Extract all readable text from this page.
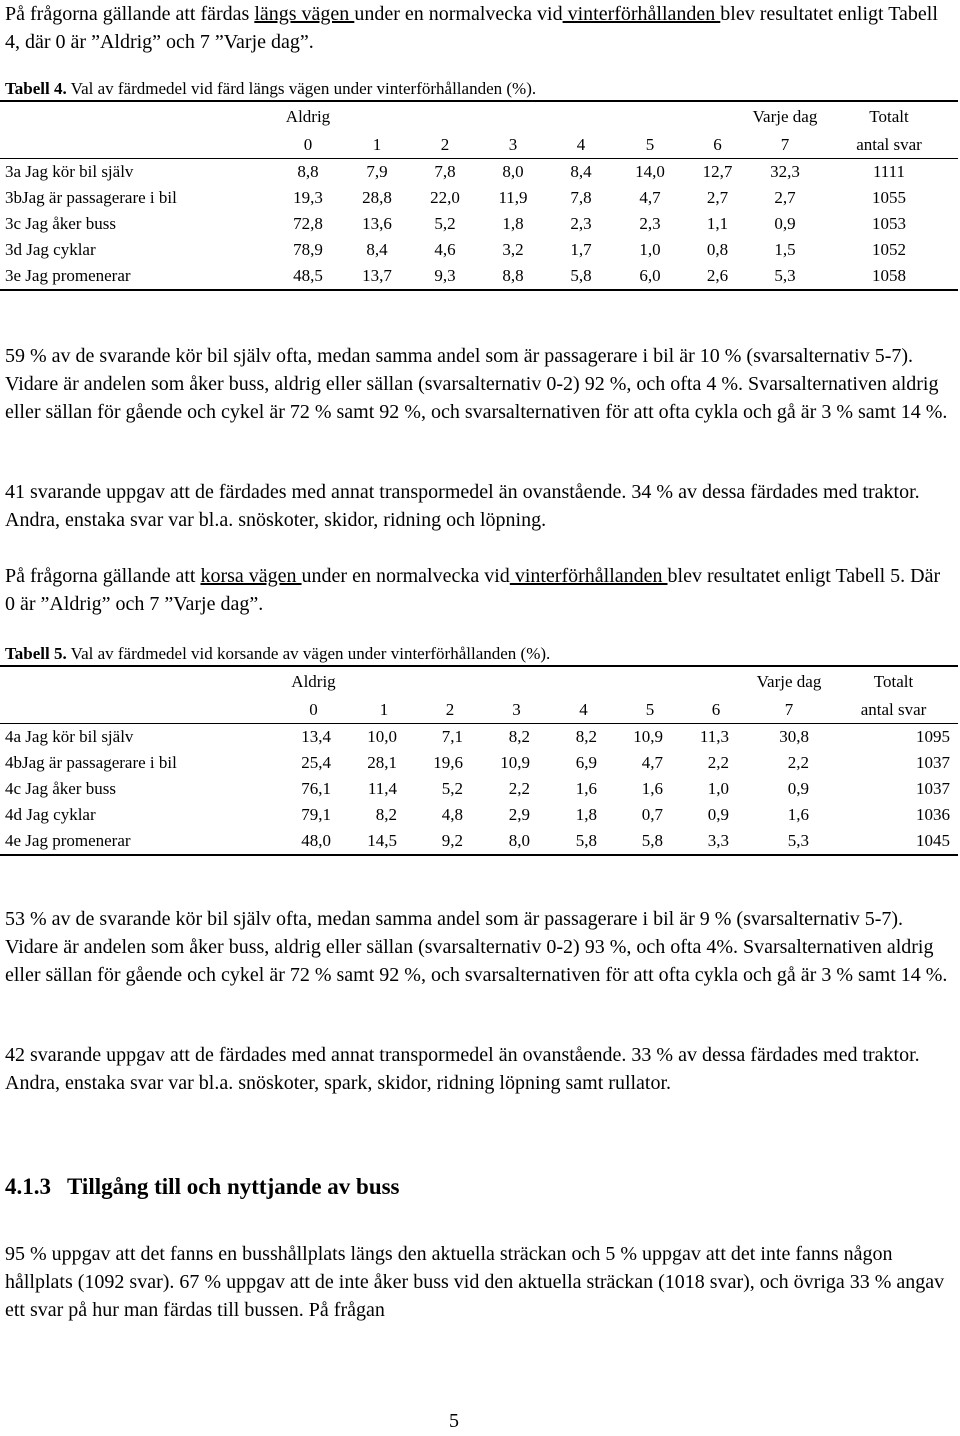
På frågorna gällande att färdas längs vägen under en normalvecka vid vinterförhållanden blev resultatet enligt Tabell 4, där 0 är ”Aldrig” och 7 ”Varje dag”.

Tabell 4. Val av färdmedel vid färd längs vägen under vinterförhållanden (%).

	Aldrig							Varje dag	Totalt
	0	1	2	3	4	5	6	7	antal svar
3a Jag kör bil själv	8,8	7,9	7,8	8,0	8,4	14,0	12,7	32,3	1111
3bJag är passagerare i bil	19,3	28,8	22,0	11,9	7,8	4,7	2,7	2,7	1055
3c Jag åker buss	72,8	13,6	5,2	1,8	2,3	2,3	1,1	0,9	1053
3d Jag cyklar	78,9	8,4	4,6	3,2	1,7	1,0	0,8	1,5	1052
3e Jag promenerar	48,5	13,7	9,3	8,8	5,8	6,0	2,6	5,3	1058

59 % av de svarande kör bil själv ofta, medan samma andel som är passagerare i bil är 10 % (svarsalternativ 5-7). Vidare är andelen som åker buss, aldrig eller sällan (svarsalternativ 0-2) 92 %, och ofta 4 %. Svarsalternativen aldrig eller sällan för gående och cykel är 72 % samt 92 %, och svarsalternativen för att ofta cykla och gå är 3 % samt 14 %.

41 svarande uppgav att de färdades med annat transpormedel än ovanstående. 34 % av dessa färdades med traktor. Andra, enstaka svar var bl.a. snöskoter, skidor, ridning och löpning.

På frågorna gällande att korsa vägen under en normalvecka vid vinterförhållanden blev resultatet enligt Tabell 5. Där 0 är ”Aldrig” och 7 ”Varje dag”.

Tabell 5. Val av färdmedel vid korsande av vägen under vinterförhållanden (%).

	Aldrig							Varje dag	Totalt
	0	1	2	3	4	5	6	7	antal svar
4a Jag kör bil själv	13,4	10,0	7,1	8,2	8,2	10,9	11,3	30,8	1095
4bJag är passagerare i bil	25,4	28,1	19,6	10,9	6,9	4,7	2,2	2,2	1037
4c Jag åker buss	76,1	11,4	5,2	2,2	1,6	1,6	1,0	0,9	1037
4d Jag cyklar	79,1	8,2	4,8	2,9	1,8	0,7	0,9	1,6	1036
4e Jag promenerar	48,0	14,5	9,2	8,0	5,8	5,8	3,3	5,3	1045

53 % av de svarande kör bil själv ofta, medan samma andel som är passagerare i bil är 9 % (svarsalternativ 5-7). Vidare är andelen som åker buss, aldrig eller sällan (svarsalternativ 0-2) 93 %, och ofta 4%. Svarsalternativen aldrig eller sällan för gående och cykel är 72 % samt 92 %, och svarsalternativen för att ofta cykla och gå är 3 % samt 14 %.

42 svarande uppgav att de färdades med annat transpormedel än ovanstående. 33 % av dessa färdades med traktor. Andra, enstaka svar var bl.a. snöskoter, spark, skidor, ridning löpning samt rullator.

4.1.3 Tillgång till och nyttjande av buss

95 % uppgav att det fanns en busshållplats längs den aktuella sträckan och 5 % uppgav att det inte fanns någon hållplats (1092 svar). 67 % uppgav att de inte åker buss vid den aktuella sträckan (1018 svar), och övriga 33 % angav ett svar på hur man färdas till bussen. På frågan

5
